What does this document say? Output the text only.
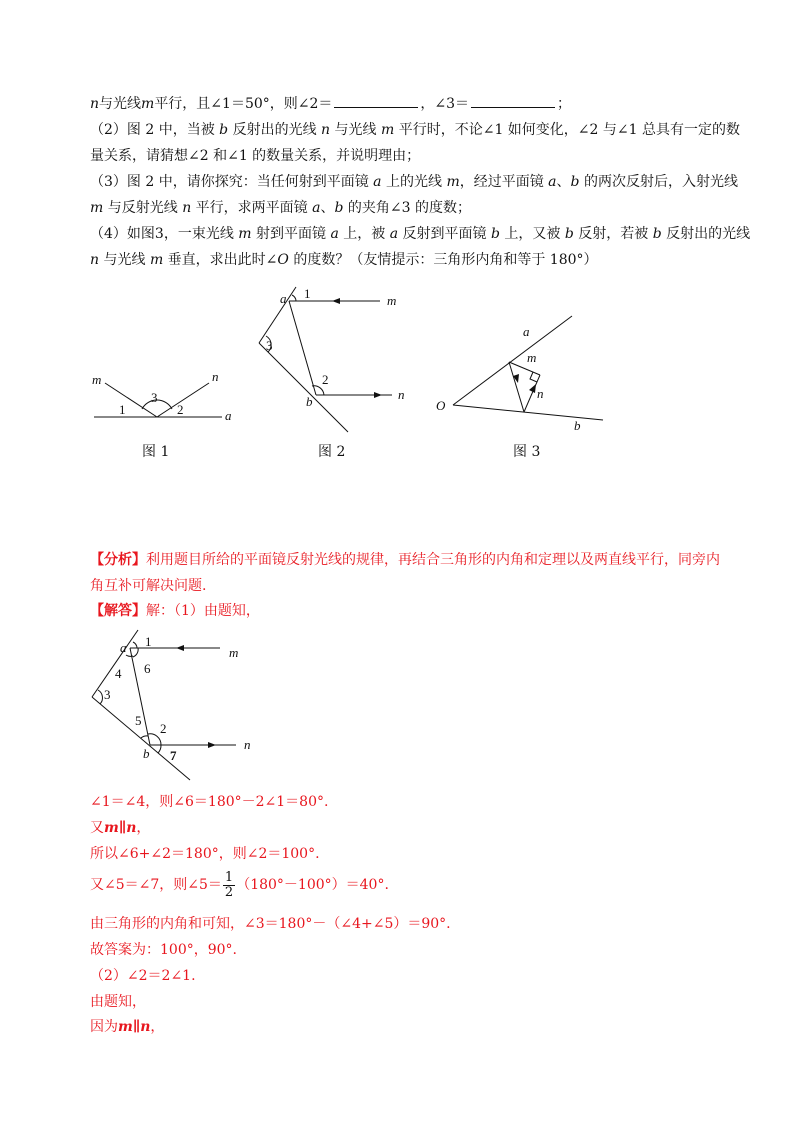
n与光线m平行，且∠1＝50°，则∠2＝	，∠3＝	；
（2）图 2 中，当被 b 反射出的光线 n 与光线 m 平行时，不论∠1 如何变化，∠2 与∠1 总具有一定的数
量关系，请猜想∠2 和∠1 的数量关系，并说明理由；
（3）图 2 中，请你探究：当任何射到平面镜 a 上的光线 m，经过平面镜 a、b 的两次反射后，入射光线
m 与反射光线 n 平行，求两平面镜 a、b 的夹角∠3 的度数；
（4）如图3，一束光线 m 射到平面镜 a 上，被 a 反射到平面镜 b 上，又被 b 反射，若被 b 反射出的光线
n 与光线 m 垂直，求出此时∠O 的度数？（友情提示：三角形内角和等于 180°）
m	n
a
1	2
3
图 1
a 1	m
3
2
b	n
图 2
a
m
n
O
b
图 3
【分析】利用题目所给的平面镜反射光线的规律，再结合三角形的内角和定理以及两直线平行，同旁内
角互补可解决问题.
【解答】解：（1）由题知，
a 1
m
4 6
3
5
2
b 7
n
∠1＝∠4，则∠6＝180°－2∠1＝80°.
又m∥n，
所以∠6+∠2＝180°，则∠2＝100°.
又∠5＝∠7，则∠5＝ $\frac{1}{2} (180^\circ-100^\circ)=40^\circ$.
由三角形的内角和可知，∠3＝180°－（∠4+∠5）＝90°.
故答案为：100°，90°.
（2）∠2＝2∠1.
由题知，
因为m∥n，
